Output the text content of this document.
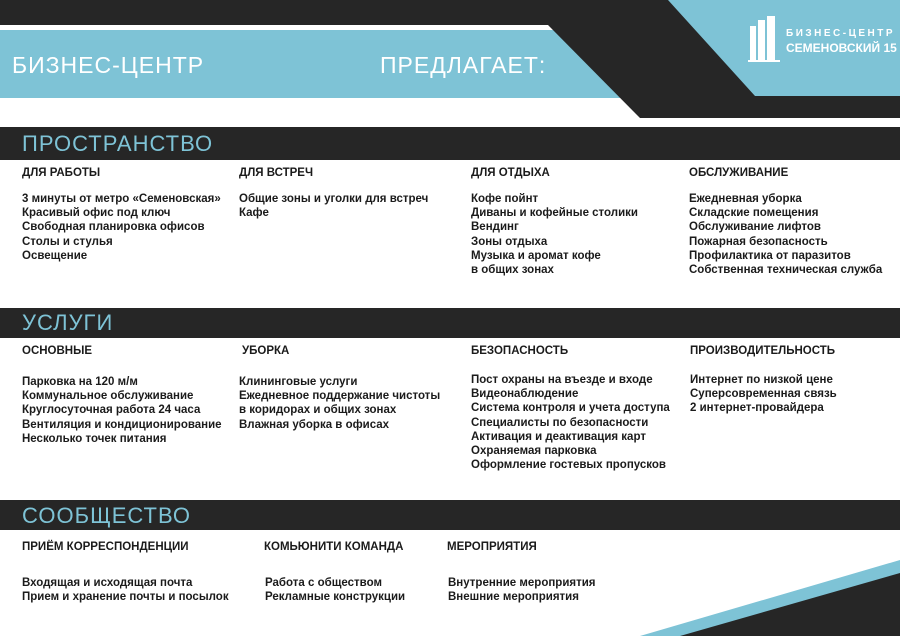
БИЗНЕС-ЦЕНТР	ПРЕДЛАГАЕТ:
БИЗНЕС-ЦЕНТР
СЕМЕНОВСКИЙ 15
ПРОСТРАНСТВО
ДЛЯ РАБОТЫ
3 минуты от метро «Семеновская»
Красивый офис под ключ
Свободная планировка офисов
Столы и стулья
Освещение
ДЛЯ ВСТРЕЧ
Общие зоны и уголки для встреч
Кафе
ДЛЯ ОТДЫХА
Кофе пойнт
Диваны и кофейные столики
Вендинг
Зоны отдыха
Музыка и аромат кофе
в общих зонах
ОБСЛУЖИВАНИЕ
Ежедневная уборка
Складские помещения
Обслуживание лифтов
Пожарная безопасность
Профилактика от паразитов
Собственная техническая служба
УСЛУГИ
ОСНОВНЫЕ
Парковка на 120 м/м
Коммунальное обслуживание
Круглосуточная работа 24 часа
Вентиляция и кондиционирование
Несколько точек питания
УБОРКА
Клининговые услуги
Ежедневное поддержание чистоты
в коридорах и общих зонах
Влажная уборка в офисах
БЕЗОПАСНОСТЬ
Пост охраны на въезде и входе
Видеонаблюдение
Система контроля и учета доступа
Специалисты по безопасности
Активация и деактивация карт
Охраняемая парковка
Оформление гостевых пропусков
ПРОИЗВОДИТЕЛЬНОСТЬ
Интернет по низкой цене
Суперсовременная связь
2 интернет-провайдера
СООБЩЕСТВО
ПРИЁМ КОРРЕСПОНДЕНЦИИ
Входящая и исходящая почта
Прием и хранение почты и посылок
КОМЬЮНИТИ КОМАНДА
Работа с обществом
Рекламные конструкции
МЕРОПРИЯТИЯ
Внутренние мероприятия
Внешние мероприятия
